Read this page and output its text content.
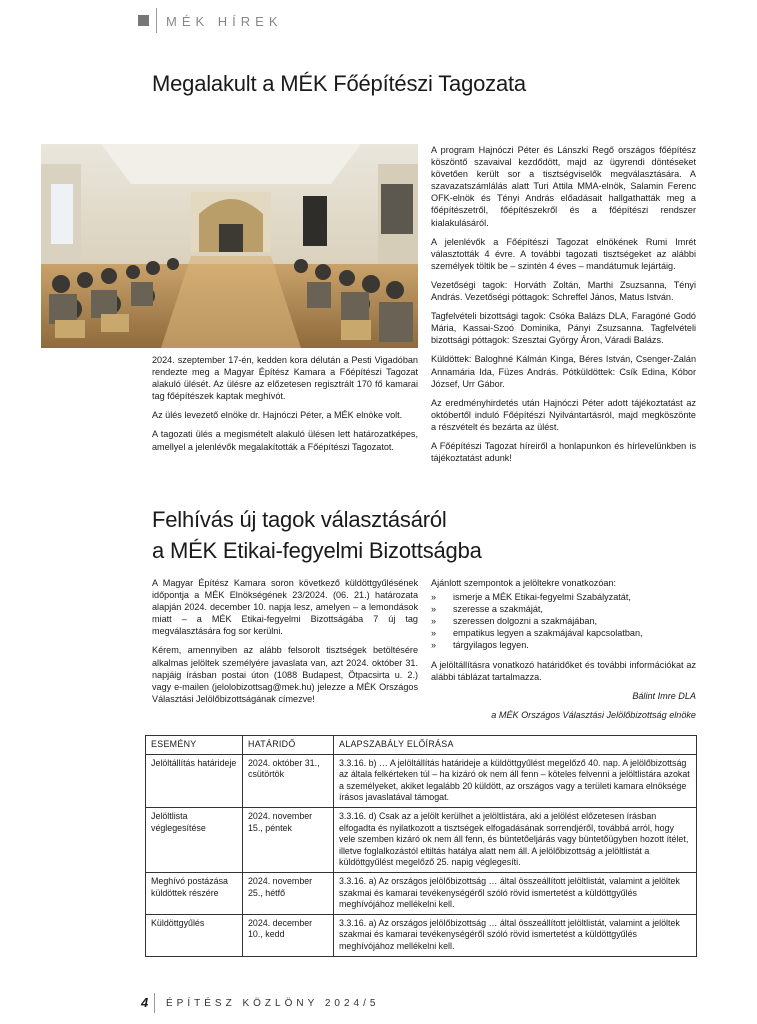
MÉK HÍREK
Megalakult a MÉK Főépítészi Tagozata

2024. szeptember 17-én, kedden kora délután a Pesti Vigadóban rendezte meg a Magyar Építész Kamara a Főépítészi Tagozat alakuló ülését. Az ülésre az előzetesen regisztrált 170 fő kamarai tag főépítészek kaptak meghívót.

Az ülés levezető elnöke dr. Hajnóczi Péter, a MÉK elnöke volt.

A tagozati ülés a megismételt alakuló ülésen lett határozatképes, amellyel a jelenlévők megalakították a Főépítészi Tagozatot.

A program Hajnóczi Péter és Lánszki Regő országos főépítész köszöntő szavaival kezdődött, majd az ügyrendi döntéseket követően került sor a tisztségviselők megválasztására. A szavazatszámlálás alatt Turi Attila MMA-elnök, Salamin Ferenc OFK-elnök és Tényi András előadásait hallgathatták meg a főépítészetről, főépítészekről és a főépítészi rendszer kialakulásáról.

A jelenlévők a Főépítészi Tagozat elnökének Rumi Imrét választották 4 évre. A további tagozati tisztségeket az alábbi személyek töltik be – szintén 4 éves – mandátumuk lejártáig.

Vezetőségi tagok: Horváth Zoltán, Marthi Zsuzsanna, Tényi András. Vezetőségi póttagok: Schreffel János, Matus István.

Tagfelvételi bizottsági tagok: Csóka Balázs DLA, Faragóné Godó Mária, Kassai-Szoó Dominika, Pányi Zsuzsanna. Tagfelvételi bizottsági póttagok: Szesztai György Áron, Váradi Balázs.

Küldöttek: Baloghné Kálmán Kinga, Béres István, Csenger-Zalán Annamária Ida, Füzes András. Pótküldöttek: Csík Edina, Kóbor József, Urr Gábor.

Az eredményhirdetés után Hajnóczi Péter adott tájékoztatást az októbertől induló Főépítészi Nyilvántartásról, majd megköszönte a részvételt és bezárta az ülést.

A Főépítészi Tagozat híreiről a honlapunkon és hírlevelünkben is tájékoztatást adunk!

Felhívás új tagok választásáról
a MÉK Etikai-fegyelmi Bizottságba

A Magyar Építész Kamara soron következő küldöttgyűlésének időpontja a MÉK Elnökségének 23/2024. (06. 21.) határozata alapján 2024. december 10. napja lesz, amelyen – a lemondások miatt – a MÉK Etikai-fegyelmi Bizottságába 7 új tag megválasztására fog sor kerülni.

Kérem, amennyiben az alább felsorolt tisztségek betöltésére alkalmas jelöltek személyére javaslata van, azt 2024. október 31. napjáig írásban postai úton (1088 Budapest, Ötpacsirta u. 2.) vagy e-mailen (jelolobizottsag@mek.hu) jelezze a MÉK Országos Választási Jelölőbizottságának címezve!

Ajánlott szempontok a jelöltekre vonatkozóan:

» ismerje a MÉK Etikai-fegyelmi Szabályzatát,
» szeresse a szakmáját,
» szeressen dolgozni a szakmájában,
» empatikus legyen a szakmájával kapcsolatban,
» tárgyilagos legyen.

A jelöltállításra vonatkozó határidőket és további információkat az alábbi táblázat tartalmazza.

Bálint Imre DLA

a MÉK Országos Választási Jelölőbizottság elnöke

ESEMÉNY	HATÁRIDŐ	ALAPSZABÁLY ELŐÍRÁSA
Jelöltállítás határideje	2024. október 31., csütörtök	3.3.16. b) … A jelöltállítás határideje a küldöttgyűlést megelőző 40. nap. A jelölőbizottság az általa felkérteken túl – ha kizáró ok nem áll fenn – köteles felvenni a jelöltlistára azokat a személyeket, akiket legalább 20 küldött, az országos vagy a területi kamara elnöksége írásos javaslatával támogat.
Jelöltlista véglegesítése	2024. november 15., péntek	3.3.16. d) Csak az a jelölt kerülhet a jelöltlistára, aki a jelölést előzetesen írásban elfogadta és nyilatkozott a tisztségek elfogadásának sorrendjéről, továbbá arról, hogy vele szemben kizáró ok nem áll fenn, és büntetőeljárás vagy büntetőügyben hozott ítélet, illetve foglalkozástól eltiltás hatálya alatt nem áll. A jelölőbizottság a jelöltlistát a küldöttgyűlést megelőző 25. napig véglegesíti.
Meghívó postázása küldöttek részére	2024. november 25., hétfő	3.3.16. a) Az országos jelölőbizottság … által összeállított jelöltlistát, valamint a jelöltek szakmai és kamarai tevékenységéről szóló rövid ismertetést a küldöttgyűlés meghívójához mellékelni kell.
Küldöttgyűlés	2024. december 10., kedd	3.3.16. a) Az országos jelölőbizottság … által összeállított jelöltlistát, valamint a jelöltek szakmai és kamarai tevékenységéről szóló rövid ismertetést a küldöttgyűlés meghívójához mellékelni kell.
4 ÉPÍTÉSZ KÖZLÖNY 2024/5
